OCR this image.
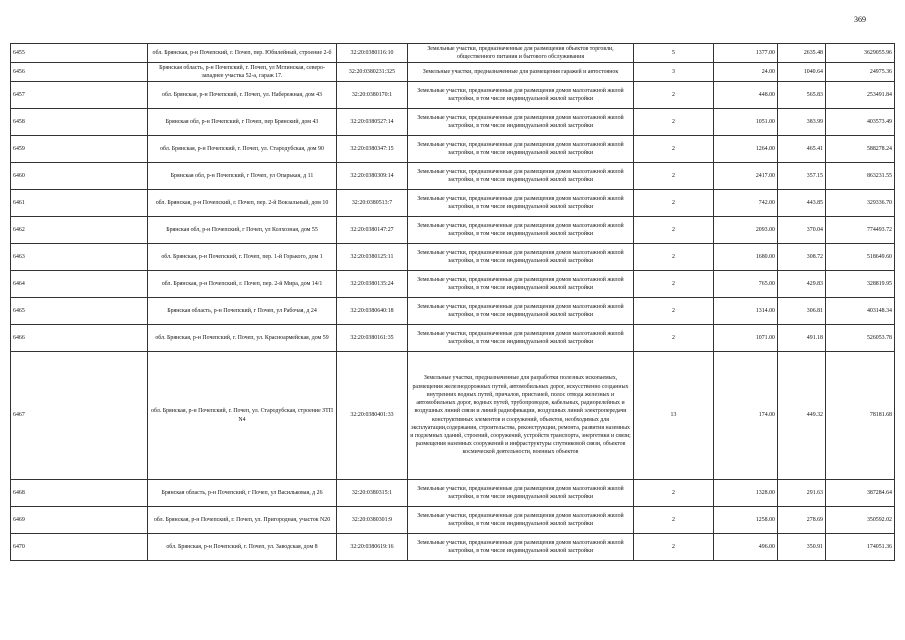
369
6455	обл. Брянская, р-н Почепский, г. Почеп, пер. Юбилейный, строение 2-б	32:20:0380116:10	Земельные участки, предназначенные для размещения объектов торговли, общественного питания и бытового обслуживания	5	1377.00	2635.48	3629055.96
6456	Брянская область, р-н Почепский, г. Почеп, ул Мглинская, северо-западнее участка 52-а, гараж 17.	32:20:0380231:325	Земельные участки, предназначенные для размещения гаражей и автостоянок	3	24.00	1040.64	24975.36
6457	обл. Брянская, р-н Почепский, г. Почеп, ул. Набережная, дом 43	32:20:0380170:1	Земельные участки, предназначенные для размещения домов малоэтажной жилой застройки, в том числе индивидуальной жилой застройки	2	448.00	565.83	253491.84
6458	Брянская обл, р-н Почепский, г Почеп, пер Брянский, дом 43	32:20:0380527:14	Земельные участки, предназначенные для размещения домов малоэтажной жилой застройки, в том числе индивидуальной жилой застройки	2	1051.00	383.99	403573.49
6459	обл. Брянская, р-н Почепский, г. Почеп, ул. Стародубская, дом 90	32:20:0380347:15	Земельные участки, предназначенные для размещения домов малоэтажной жилой застройки, в том числе индивидуальной жилой застройки	2	1264.00	465.41	588278.24
6460	Брянская обл, р-н Почепский, г Почеп, ул Опарькая, д 11	32:20:0380309:14	Земельные участки, предназначенные для размещения домов малоэтажной жилой застройки, в том числе индивидуальной жилой застройки	2	2417.00	357.15	863231.55
6461	обл. Брянская, р-н Почепский, г. Почеп, пер. 2-й Вокзальный, дом 10	32:20:0380513:7	Земельные участки, предназначенные для размещения домов малоэтажной жилой застройки, в том числе индивидуальной жилой застройки	2	742.00	443.85	329336.70
6462	Брянская обл, р-н Почепский, г Почеп, ул Колхозная, дом 55	32:20:0380147:27	Земельные участки, предназначенные для размещения домов малоэтажной жилой застройки, в том числе индивидуальной жилой застройки	2	2093.00	370.04	774493.72
6463	обл. Брянская, р-н Почепский, г. Почеп, пер. 1-й Горького, дом 1	32:20:0380125:11	Земельные участки, предназначенные для размещения домов малоэтажной жилой застройки, в том числе индивидуальной жилой застройки	2	1680.00	308.72	518649.60
6464	обл. Брянская, р-н Почепский, г. Почеп, пер. 2-й Мира, дом 14/1	32:20:0380135:24	Земельные участки, предназначенные для размещения домов малоэтажной жилой застройки, в том числе индивидуальной жилой застройки	2	765.00	429.83	328819.95
6465	Брянская область, р-н Почепский, г Почеп, ул Рабочая, д 24	32:20:0380640:18	Земельные участки, предназначенные для размещения домов малоэтажной жилой застройки, в том числе индивидуальной жилой застройки	2	1314.00	306.81	403148.34
6466	обл. Брянская, р-н Почепский, г. Почеп, ул. Красноармейская, дом 59	32:20:0380161:35	Земельные участки, предназначенные для размещения домов малоэтажной жилой застройки, в том числе индивидуальной жилой застройки	2	1071.00	491.18	526053.78
6467	обл. Брянская, р-н Почепский, г. Почеп, ул. Стародубская, строение ЗТП N4	32:20:0380401:33	Земельные участки, предназначенные для разработки полезных ископаемых, размещения железнодорожных путей, автомобильных дорог, искусственно созданных внутренних водных путей, причалов, пристаней, полос отвода железных и автомобильных дорог, водных путей, трубопроводов, кабельных, радиорелейных и воздушных линий связи и линий радиофикации, воздушных линий электропередачи конструктивных элементов и сооружений, объектов, необходимых для эксплуатации,содержания, строительства, реконструкции, ремонта, развития наземных и подземных зданий, строений, сооружений, устройств транспорта, энергетики и связи; размещения наземных сооружений и инфраструктуры спутниковой связи, объектов космической деятельности, военных объектов	13	174.00	449.32	78181.68
6468	Брянская область, р-н Почепский, г Почеп, ул Васильковая, д 26	32:20:0380315:1	Земельные участки, предназначенные для размещения домов малоэтажной жилой застройки, в том числе индивидуальной жилой застройки	2	1328.00	291.63	387284.64
6469	обл. Брянская, р-н Почепский, г. Почеп, ул. Пригородная, участок N20	32:20:0380301:9	Земельные участки, предназначенные для размещения домов малоэтажной жилой застройки, в том числе индивидуальной жилой застройки	2	1258.00	278.69	350592.02
6470	обл. Брянская, р-н Почепский, г. Почеп, ул. Заводская, дом 8	32:20:0380619:16	Земельные участки, предназначенные для размещения домов малоэтажной жилой застройки, в том числе индивидуальной жилой застройки	2	496.00	350.91	174051.36
